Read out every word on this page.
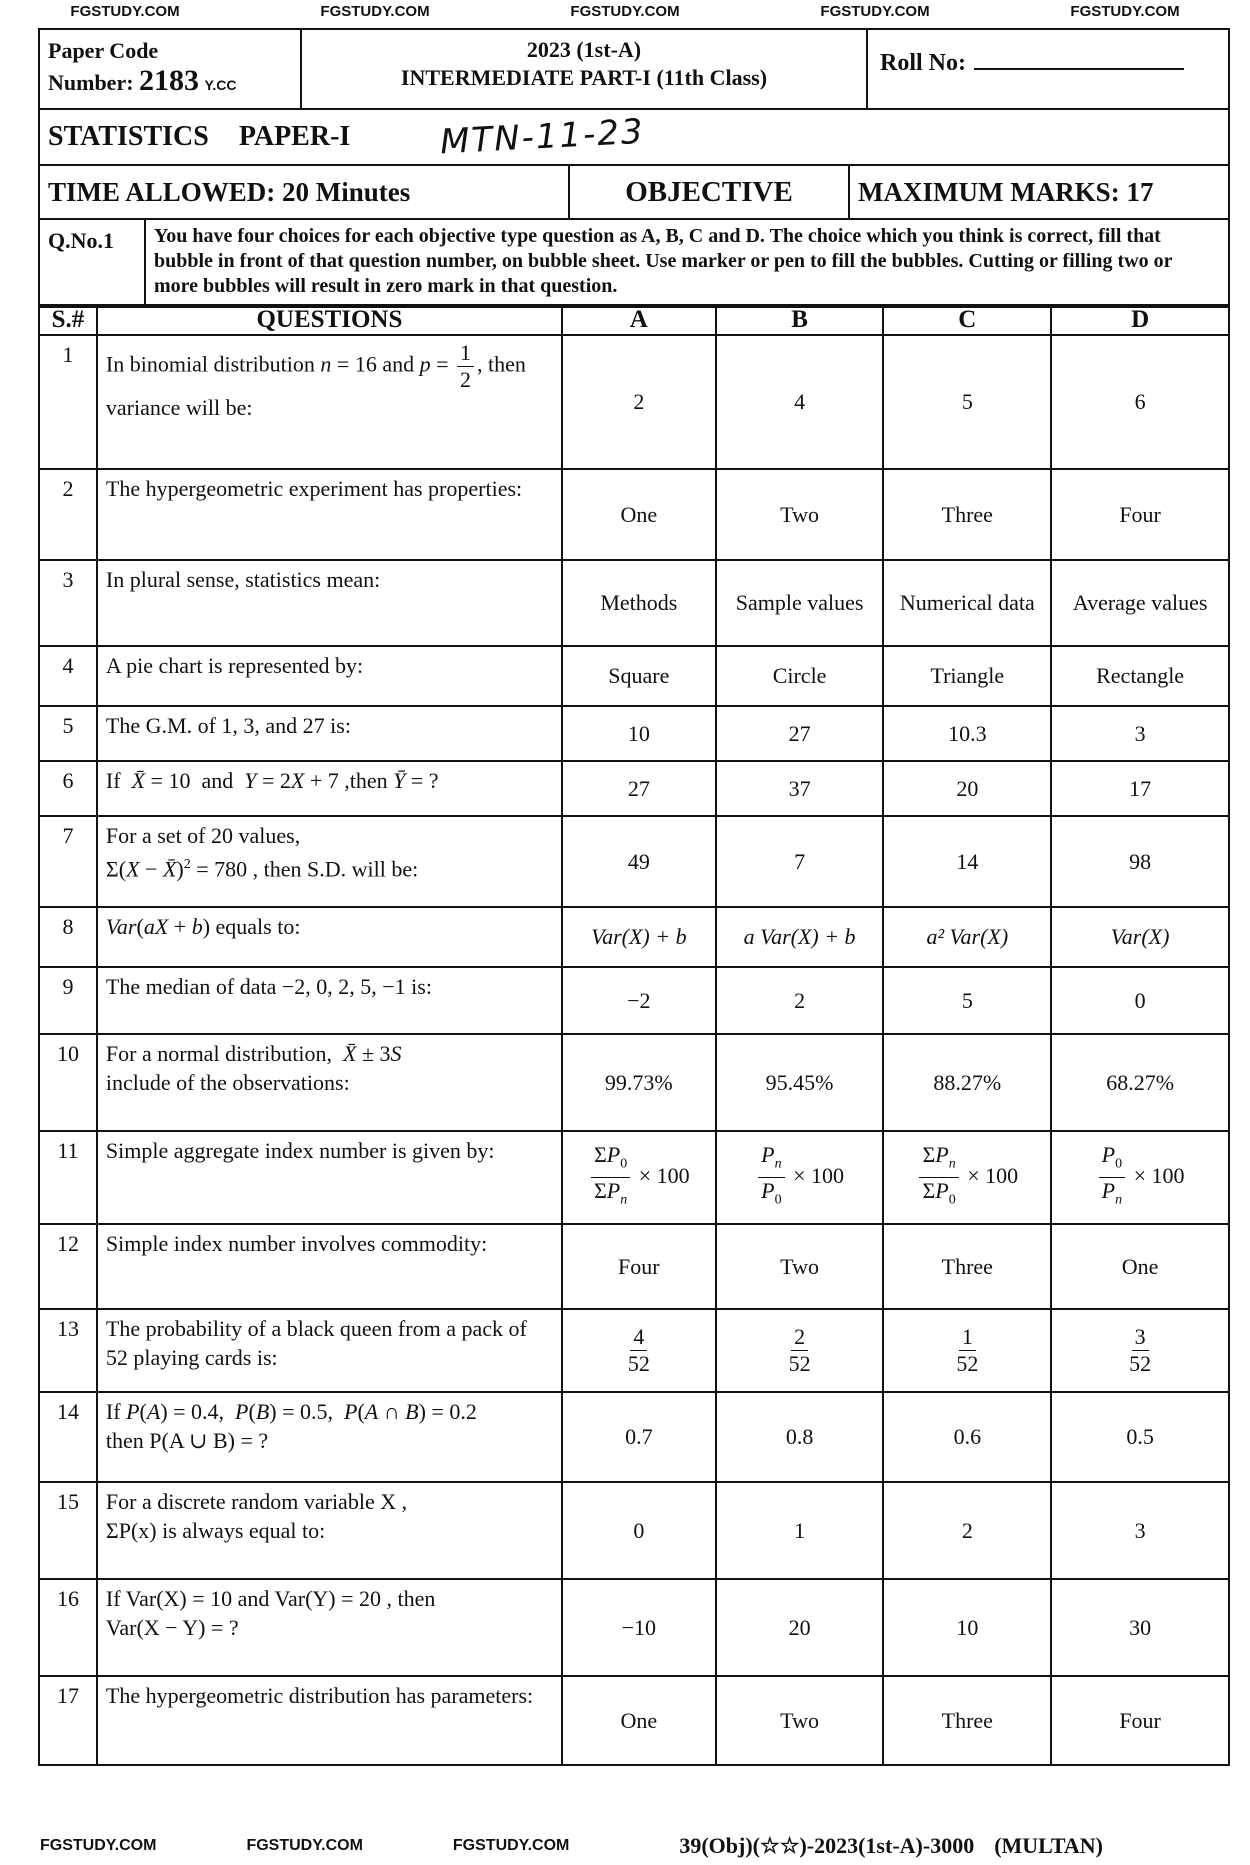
FGSTUDY.COM	FGSTUDY.COM	FGSTUDY.COM	FGSTUDY.COM	FGSTUDY.COM
Paper Code
Number: 2183 Y.CC
2023 (1st-A)
INTERMEDIATE PART-I (11th Class)
Roll No:
STATISTICS PAPER-I	MTN-11-23
TIME ALLOWED: 20 Minutes	OBJECTIVE	MAXIMUM MARKS: 17
Q.No.1	You have four choices for each objective type question as A, B, C and D. The choice which you think is correct, fill that bubble in front of that question number, on bubble sheet. Use marker or pen to fill the bubbles. Cutting or filling two or more bubbles will result in zero mark in that question.
S.#	QUESTIONS	A	B	C	D
1	In binomial distribution n = 16 and $p = \frac{1}{2}$ , then variance will be:	2	4	5	6
2	The hypergeometric experiment has properties:	One	Two	Three	Four
3	In plural sense, statistics mean:	Methods	Sample values	Numerical data	Average values
4	A pie chart is represented by:	Square	Circle	Triangle	Rectangle
5	The G.M. of 1, 3, and 27 is:	10	27	10.3	3
6	If  X̄ = 10  and  Y = 2X + 7 ,then Ȳ = ?	27	37	20	17
7	For a set of 20 values,
Σ(X − X̄)$^2$ = 780 , then S.D. will be:	49	7	14	98
8	Var(aX + b) equals to:	Var(X) + b	a Var(X) + b	a² Var(X)	Var(X)
9	The median of data −2, 0, 2, 5, −1 is:	−2	2	5	0
10	For a normal distribution,  X̄ ± 3S
include of the observations:	99.73%	95.45%	88.27%	68.27%
11	Simple aggregate index number is given by:	$\frac{\Sigma P_0}{\Sigma P_n} \times 100$	$\frac{P_n}{P_0} \times 100$	$\frac{\Sigma P_n}{\Sigma P_0} \times 100$	$\frac{P_0}{P_n} \times 100$
12	Simple index number involves commodity:	Four	Two	Three	One
13	The probability of a black queen from a pack of 52 playing cards is:	$\frac{4}{52}$	$\frac{2}{52}$	$\frac{1}{52}$	$\frac{3}{52}$

14	If P(A) = 0.4,  P(B) = 0.5,  P(A ∩ B) = 0.2
then P(A ∪ B) = ?	0.7	0.8	0.6	0.5
15	For a discrete random variable X ,
ΣP(x) is always equal to:	0	1	2	3
16	If Var(X) = 10 and Var(Y) = 20 , then
Var(X − Y) = ?	−10	20	10	30
17	The hypergeometric distribution has parameters:	One	Two	Three	Four
FGSTUDY.COM	FGSTUDY.COM	FGSTUDY.COM	39(Obj)(☆☆)-2023(1st-A)-3000 (MULTAN)
